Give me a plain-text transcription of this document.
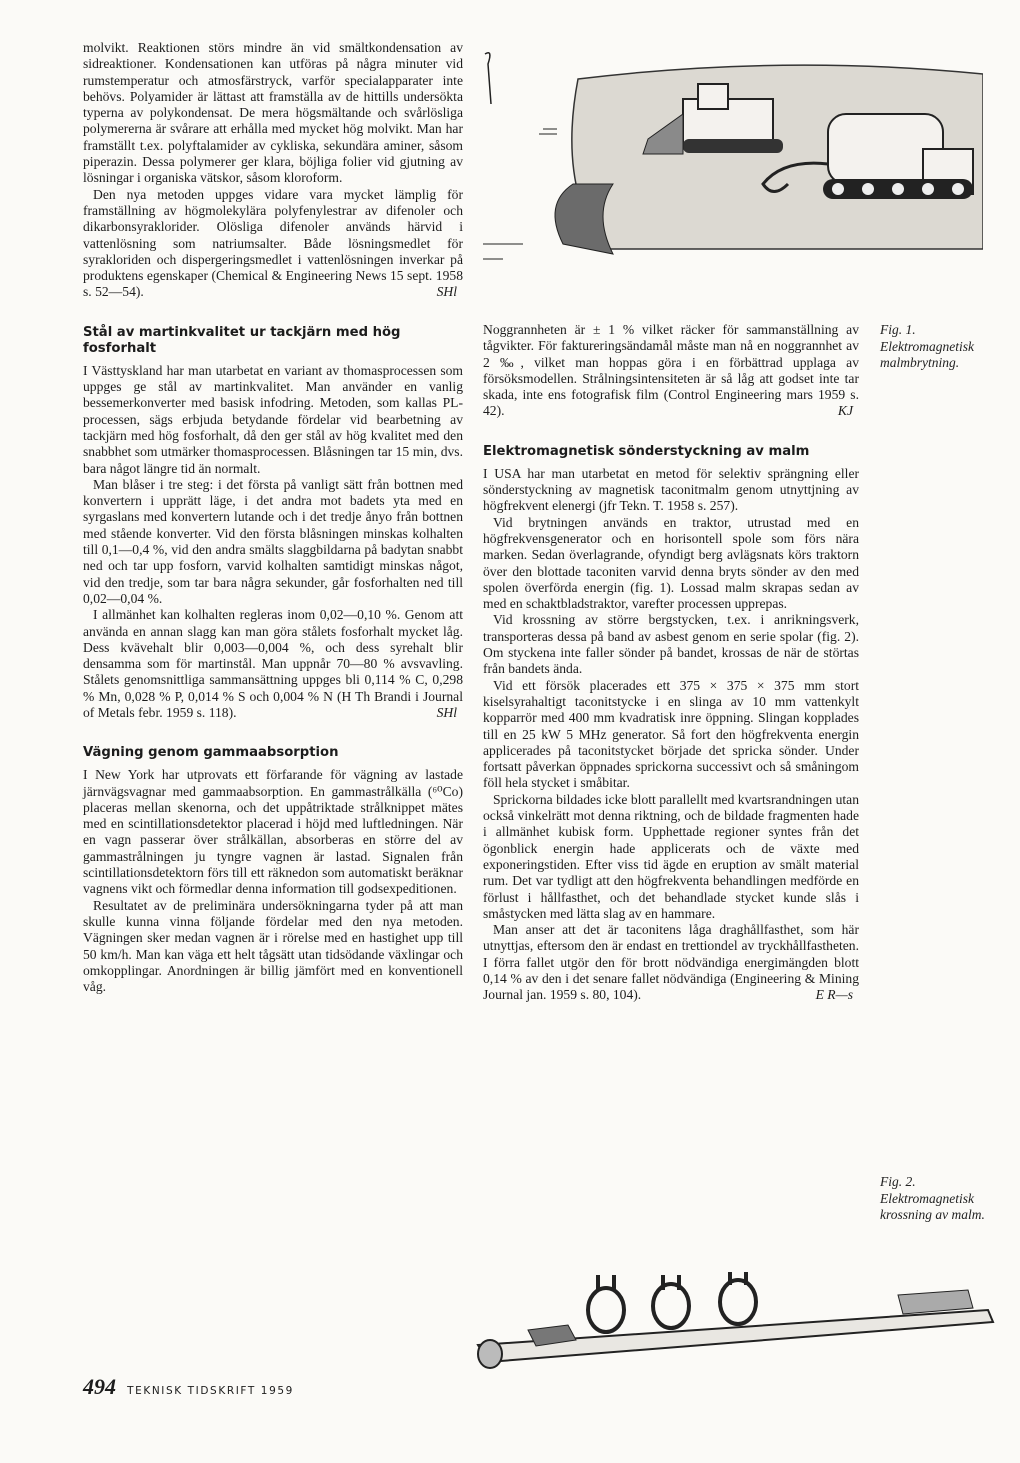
molvikt. Reaktionen störs mindre än vid smältkondensation av sidreaktioner. Kondensationen kan utföras på några minuter vid rumstemperatur och atmosfärstryck, varför specialapparater inte behövs. Polyamider är lättast att framställa av de hittills undersökta typerna av polykondensat. De mera högsmältande och svårlösliga polymererna är svårare att erhålla med mycket hög molvikt. Man har framställt t.ex. polyftalamider av cykliska, sekundära aminer, såsom piperazin. Dessa polymerer ger klara, böjliga folier vid gjutning av lösningar i organiska vätskor, såsom kloroform.

Den nya metoden uppges vidare vara mycket lämplig för framställning av högmolekylära polyfenylestrar av difenoler och dikarbonsyraklorider. Olösliga difenoler används härvid i vattenlösning som natriumsalter. Både lösningsmedlet för syrakloriden och dispergeringsmedlet i vattenlösningen inverkar på produktens egenskaper (Chemical & Engineering News 15 sept. 1958 s. 52—54).	SHl

Stål av martinkvalitet ur tackjärn med hög fosforhalt

I Västtyskland har man utarbetat en variant av thomasprocessen som uppges ge stål av martinkvalitet. Man använder en vanlig bessemerkonverter med basisk infodring. Metoden, som kallas PL-processen, sägs erbjuda betydande fördelar vid bearbetning av tackjärn med hög fosforhalt, då den ger stål av hög kvalitet med den snabbhet som utmärker thomasprocessen. Blåsningen tar 15 min, dvs. bara något längre tid än normalt.

Man blåser i tre steg: i det första på vanligt sätt från bottnen med konvertern i upprätt läge, i det andra mot badets yta med en syrgaslans med konvertern lutande och i det tredje ånyo från bottnen med stående konverter. Vid den första blåsningen minskas kolhalten till 0,1—0,4 %, vid den andra smälts slaggbildarna på badytan snabbt ned och tar upp fosforn, varvid kolhalten samtidigt minskas något, vid den tredje, som tar bara några sekunder, går fosforhalten ned till 0,02—0,04 %.

I allmänhet kan kolhalten regleras inom 0,02—0,10 %. Genom att använda en annan slagg kan man göra stålets fosforhalt mycket låg. Dess kvävehalt blir 0,003—0,004 %, och dess syrehalt blir densamma som för martinstål. Man uppnår 70—80 % avsvavling. Stålets genomsnittliga sammansättning uppges bli 0,114 % C, 0,298 % Mn, 0,028 % P, 0,014 % S och 0,004 % N (H Th Brandi i Journal of Metals febr. 1959 s. 118).	SHl

Vägning genom gammaabsorption

I New York har utprovats ett förfarande för vägning av lastade järnvägsvagnar med gammaabsorption. En gammastrålkälla (⁶⁰Co) placeras mellan skenorna, och det uppåtriktade strålknippet mätes med en scintillationsdetektor placerad i höjd med luftledningen. När en vagn passerar över strålkällan, absorberas en större del av gammastrålningen ju tyngre vagnen är lastad. Signalen från scintillationsdetektorn förs till ett räknedon som automatiskt beräknar vagnens vikt och förmedlar denna information till godsexpeditionen.

Resultatet av de preliminära undersökningarna tyder på att man skulle kunna vinna följande fördelar med den nya metoden. Vägningen sker medan vagnen är i rörelse med en hastighet upp till 50 km/h. Man kan väga ett helt tågsätt utan tidsödande växlingar och omkopplingar. Anordningen är billig jämfört med en konventionell våg.

Noggrannheten är ± 1 % vilket räcker för sammanställning av tågvikter. För faktureringsändamål måste man nå en noggrannhet av 2 ‰, vilket man hoppas göra i en förbättrad upplaga av försöksmodellen. Strålningsintensiteten är så låg att godset inte tar skada, inte ens fotografisk film (Control Engineering mars 1959 s. 42).	KJ

Elektromagnetisk sönderstyckning av malm

I USA har man utarbetat en metod för selektiv sprängning eller sönderstyckning av magnetisk taconitmalm genom utnyttjning av högfrekvent elenergi (jfr Tekn. T. 1958 s. 257).

Vid brytningen används en traktor, utrustad med en högfrekvensgenerator och en horisontell spole som förs nära marken. Sedan överlagrande, ofyndigt berg avlägsnats körs traktorn över den blottade taconiten varvid denna bryts sönder av den med spolen överförda energin (fig. 1). Lossad malm skrapas sedan av med en schaktbladstraktor, varefter processen upprepas.

Vid krossning av större bergstycken, t.ex. i anrikningsverk, transporteras dessa på band av asbest genom en serie spolar (fig. 2). Om styckena inte faller sönder på bandet, krossas de när de störtas från bandets ända.

Vid ett försök placerades ett 375 × 375 × 375 mm stort kiselsyrahaltigt taconitstycke i en slinga av 10 mm vattenkylt kopparrör med 400 mm kvadratisk inre öppning. Slingan kopplades till en 25 kW 5 MHz generator. Så fort den högfrekventa energin applicerades på taconitstycket började det spricka sönder. Under fortsatt påverkan öppnades sprickorna successivt och så småningom föll hela stycket i småbitar.

Sprickorna bildades icke blott parallellt med kvartsrandningen utan också vinkelrätt mot denna riktning, och de bildade fragmenten hade i allmänhet kubisk form. Upphettade regioner syntes från det ögonblick energin hade applicerats och de växte med exponeringstiden. Efter viss tid ägde en eruption av smält material rum. Det var tydligt att den högfrekventa behandlingen medförde en förlust i hållfasthet, och det behandlade stycket kunde slås i småstycken med lätta slag av en hammare.

Man anser att det är taconitens låga draghållfasthet, som här utnyttjas, eftersom den är endast en trettiondel av tryckhållfastheten. I förra fallet utgör den för brott nödvändiga energimängden blott 0,14 % av den i det senare fallet nödvändiga (Engineering & Mining Journal jan. 1959 s. 80, 104).	E R—s

Fig. 1. Elektromagnetisk malmbrytning.
Fig. 2. Elektromagnetisk krossning av malm.
494 TEKNISK TIDSKRIFT 1959
